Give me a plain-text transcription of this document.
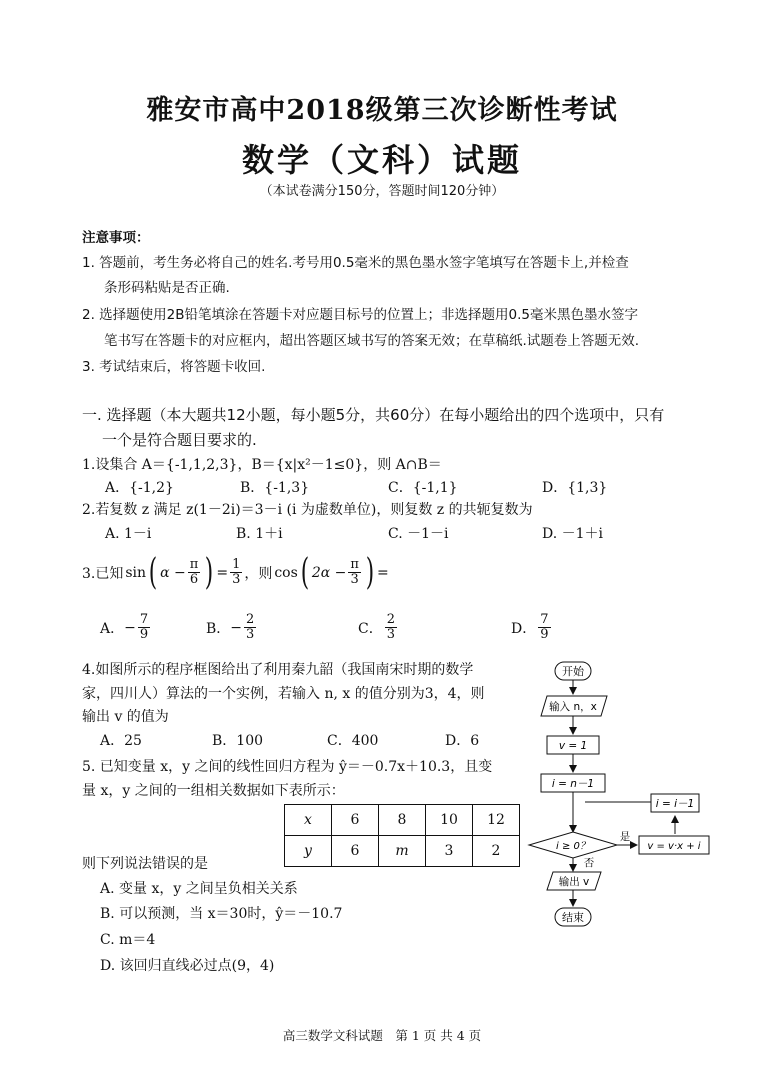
雅安市高中2018级第三次诊断性考试
数学（文科）试题
（本试卷满分150分，答题时间120分钟）
注意事项：
1. 答题前，考生务必将自己的姓名.考号用0.5毫米的黑色墨水签字笔填写在答题卡上,并检查
条形码粘贴是否正确.
2. 选择题使用2B铅笔填涂在答题卡对应题目标号的位置上；非选择题用0.5毫米黑色墨水签字
笔书写在答题卡的对应框内，超出答题区域书写的答案无效；在草稿纸.试题卷上答题无效.
3. 考试结束后，将答题卡收回.
一. 选择题（本大题共12小题，每小题5分，共60分）在每小题给出的四个选项中，只有
一个是符合题目要求的.
1.设集合 A＝{-1,1,2,3}，B＝{x|x²－1≤0}，则 A∩B＝
A．{-1,2}	B．{-1,3}	C．{-1,1}	D．{1,3}
2.若复数 z 满足 z(1－2i)＝3－i (i 为虚数单位)，则复数 z 的共轭复数为
A. 1－i	B. 1＋i	C. －1－i	D. －1＋i
3.已知 sin ( $\alpha - \frac{\pi}{6}$ ) = $\frac{1}{3}$ ，则 cos ( $2\alpha - \frac{\pi}{3}$ ) =
A． − $\frac{7}{9}$	B． − $\frac{2}{3}$	C． $\frac{2}{3}$	D． $\frac{7}{9}$
4.如图所示的程序框图给出了利用秦九韶（我国南宋时期的数学
家，四川人）算法的一个实例，若输入 n, x 的值分别为3，4，则
输出 v 的值为
A．25	B．100	C．400	D．6
5. 已知变量 x，y 之间的线性回归方程为 ŷ＝－0.7x＋10.3，且变
量 x，y 之间的一组相关数据如下表所示：
x	6	8	10	12
y	6	m	3	2
则下列说法错误的是
A. 变量 x，y 之间呈负相关关系
B. 可以预测，当 x＝30时，ŷ＝－10.7
C. m＝4
D. 该回归直线必过点(9，4)
开始
输入 n，x
v = 1
i = n－1
i = i－1
i ≥ 0？
是
否
v = v·x + i
输出 v
结束
高三数学文科试题　第 1 页 共 4 页
